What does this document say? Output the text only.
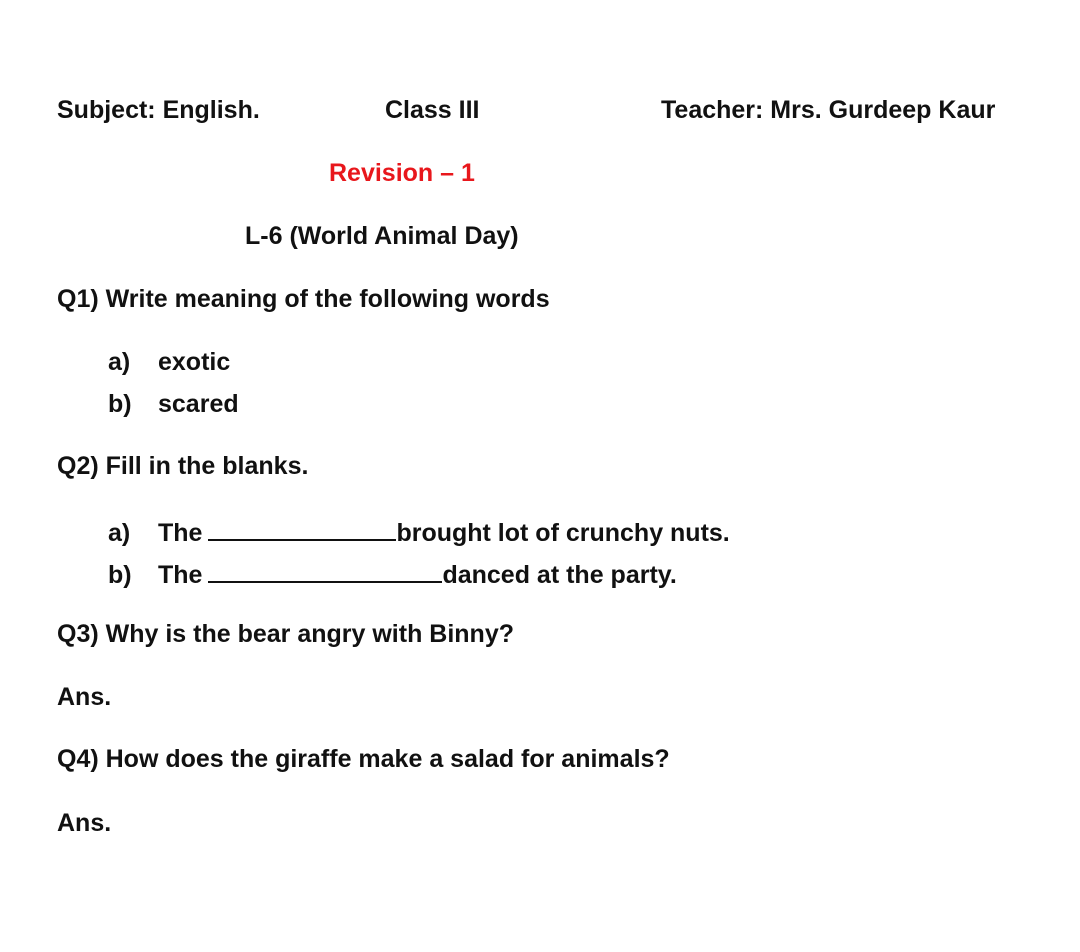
Subject: English.	Class III	Teacher: Mrs. Gurdeep Kaur
Revision – 1
L-6 (World Animal Day)
Q1) Write meaning of the following words
a) exotic
b) scared
Q2) Fill in the blanks.
a) The	brought lot of crunchy nuts.
b) The	danced at the party.
Q3) Why is the bear angry with Binny?
Ans.
Q4) How does the giraffe make a salad for animals?
Ans.
